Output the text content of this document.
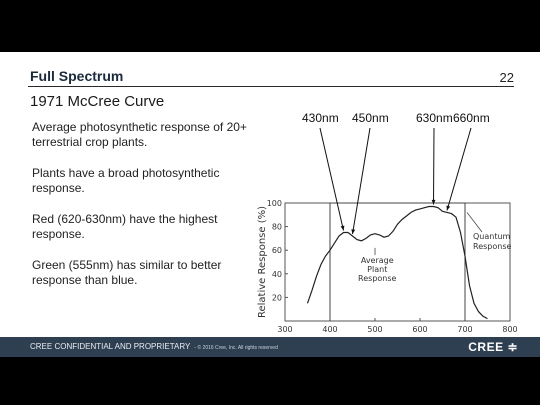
Full Spectrum	22
1971 McCree Curve
Average photosynthetic response of 20+ terrestrial crop plants.
Plants have a broad photosynthetic response.
Red (620-630nm) have the highest response.
Green (555nm) has similar to better response than blue.
300	400	500	600	700	800
100
80
60
40
20
Relative Response (%)	Average
Plant
Response
Quantum
Response
430nm 450nm 630nm 660nm
CREE CONFIDENTIAL AND PROPRIETARY - © 2016 Cree, Inc. All rights reserved	CREE ≑
